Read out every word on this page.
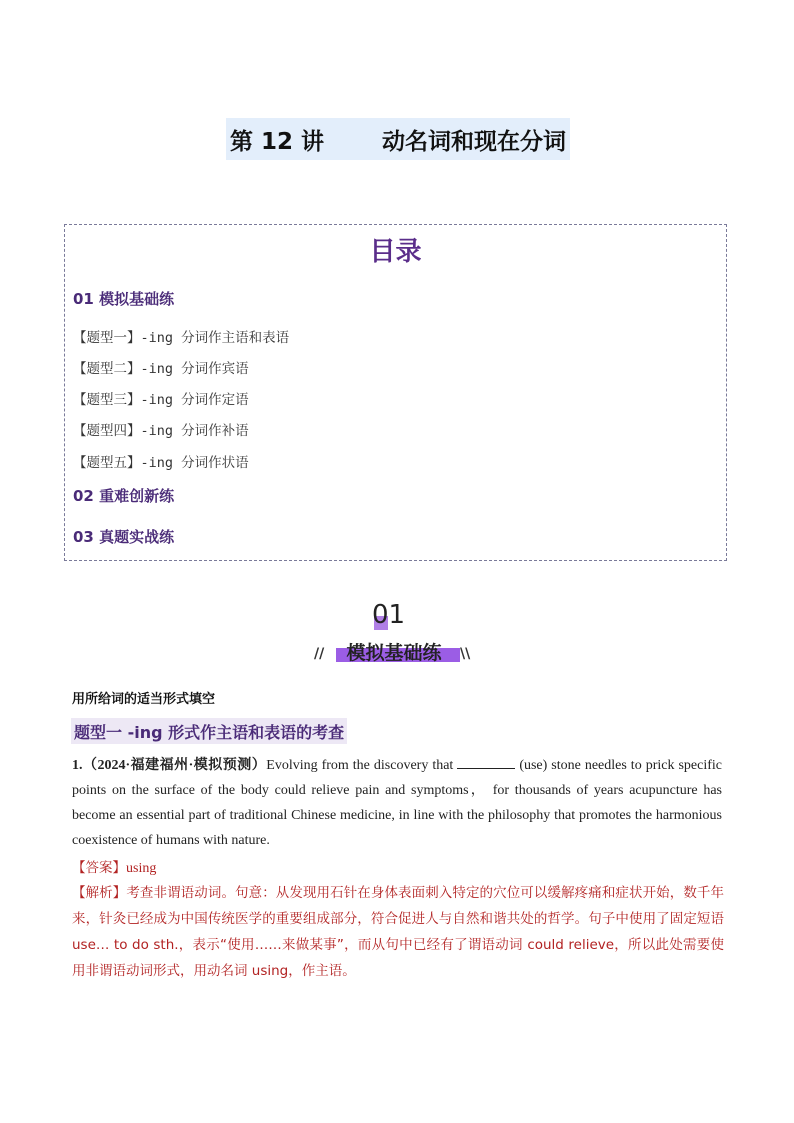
第 12 讲	动名词和现在分词
目录
01 模拟基础练
【题型一】-ing 分词作主语和表语
【题型二】-ing 分词作宾语
【题型三】-ing 分词作定语
【题型四】-ing 分词作补语
【题型五】-ing 分词作状语
02 重难创新练
03 真题实战练
01
//	模拟基础练	\\
用所给词的适当形式填空
题型一 -ing 形式作主语和表语的考查
1.（2024·福建福州·模拟预测）Evolving from the discovery that	(use) stone needles to prick specific points on the surface of the body could relieve pain and symptoms， for thousands of years acupuncture has become an essential part of traditional Chinese medicine, in line with the philosophy that promotes the harmonious coexistence of humans with nature.
【答案】using
【解析】考查非谓语动词。句意：从发现用石针在身体表面刺入特定的穴位可以缓解疼痛和症状开始，数千年来，针灸已经成为中国传统医学的重要组成部分，符合促进人与自然和谐共处的哲学。句子中使用了固定短语 use… to do sth.，表示“使用……来做某事”，而从句中已经有了谓语动词 could relieve，所以此处需要使用非谓语动词形式，用动名词 using，作主语。
